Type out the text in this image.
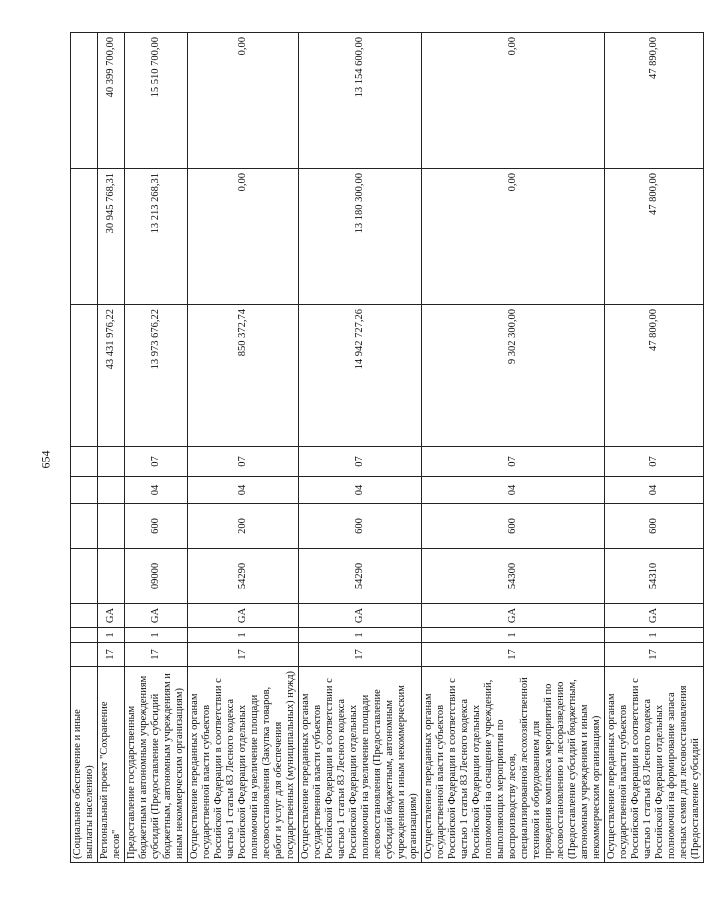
654
(Социальное обеспечение и иные выплаты населению)										
Региональный проект "Сохранение лесов"	17	1	GA					43 431 976,22	30 945 768,31	40 399 700,00
Предоставление государственным бюджетным и автономным учреждениям субсидий (Предоставление субсидий бюджетным, автономным учреждениям и иным некоммерческим организациям)	17	1	GA	09000	600	04	07	13 973 676,22	13 213 268,31	15 510 700,00
Осуществление переданных органам государственной власти субъектов Российской Федерации в соответствии с частью 1 статьи 83 Лесного кодекса Российской Федерации отдельных полномочий на увеличение площади лесовосстановления (Закупка товаров, работ и услуг для обеспечения государственных (муниципальных) нужд)	17	1	GA	54290	200	04	07	850 372,74	0,00	0,00
Осуществление переданных органам государственной власти субъектов Российской Федерации в соответствии с частью 1 статьи 83 Лесного кодекса Российской Федерации отдельных полномочий на увеличение площади лесовосстановления (Предоставление субсидий бюджетным, автономным учреждениям и иным некоммерческим организациям)	17	1	GA	54290	600	04	07	14 942 727,26	13 180 300,00	13 154 600,00
Осуществление переданных органам государственной власти субъектов Российской Федерации в соответствии с частью 1 статьи 83 Лесного кодекса Российской Федерации отдельных полномочий на оснащение учреждений, выполняющих мероприятия по воспроизводству лесов, специализированной лесохозяйственной техникой и оборудованием для проведения комплекса мероприятий по лесовосстановлению и лесоразведению (Предоставление субсидий бюджетным, автономным учреждениям и иным некоммерческим организациям)	17	1	GA	54300	600	04	07	9 302 300,00	0,00	0,00
Осуществление переданных органам государственной власти субъектов Российской Федерации в соответствии с частью 1 статьи 83 Лесного кодекса Российской Федерации отдельных полномочий на формирование запаса лесных семян для лесовосстановления (Предоставление субсидий	17	1	GA	54310	600	04	07	47 800,00	47 800,00	47 890,00
